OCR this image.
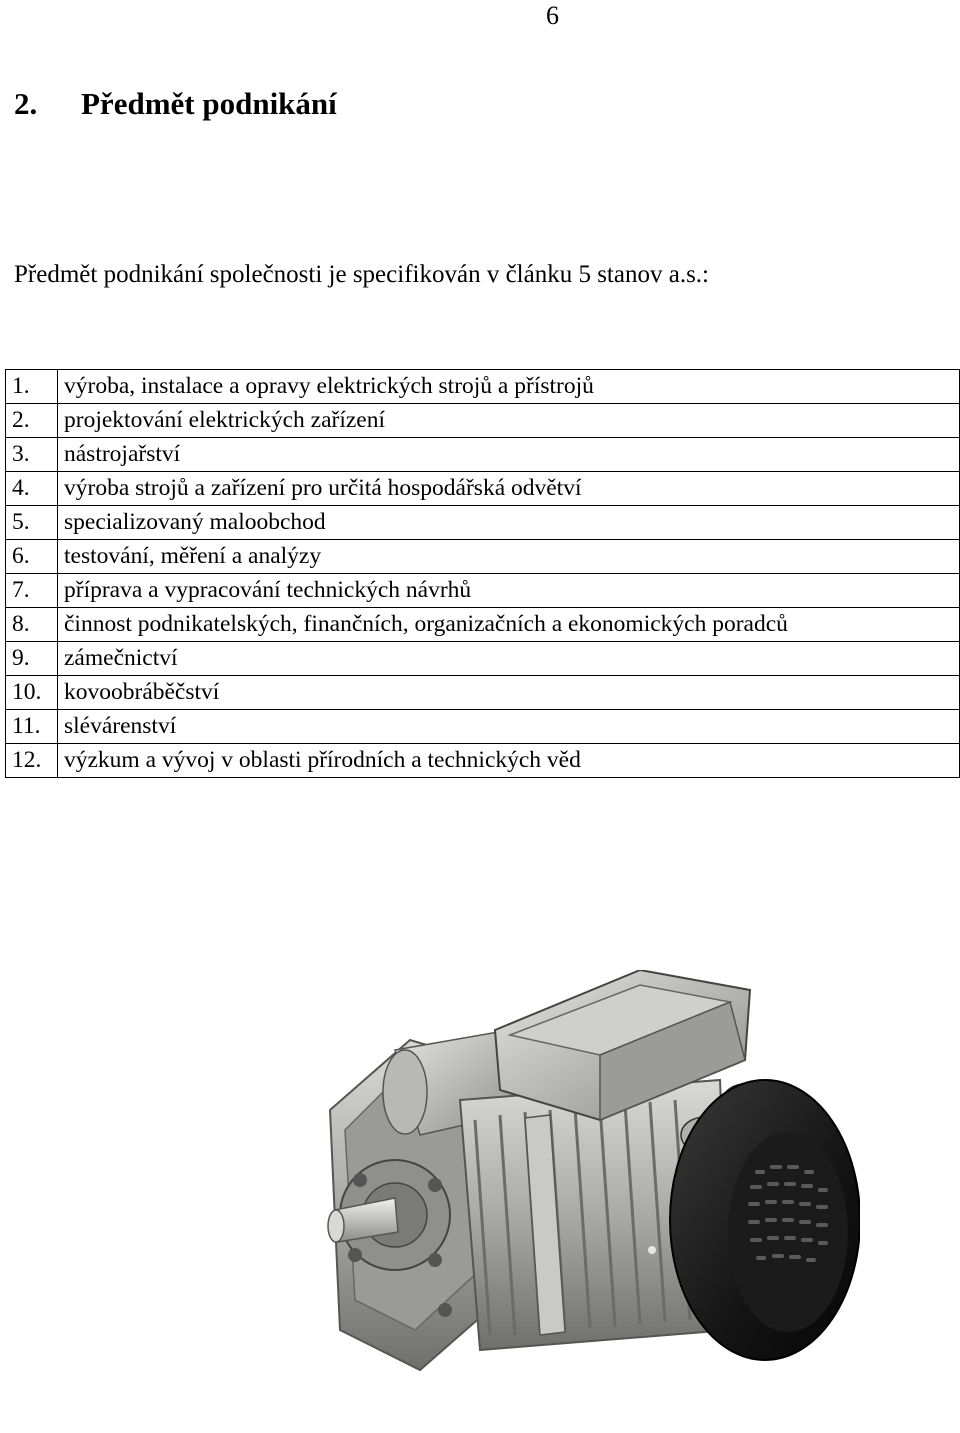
6
2. Předmět podnikání
Předmět podnikání společnosti je specifikován v článku 5 stanov a.s.:
1.	výroba, instalace a opravy elektrických strojů a přístrojů
2.	projektování elektrických zařízení
3.	nástrojařství
4.	výroba strojů a zařízení pro určitá hospodářská odvětví
5.	specializovaný maloobchod
6.	testování, měření a analýzy
7.	příprava a vypracování technických návrhů
8.	činnost podnikatelských, finančních, organizačních a ekonomických poradců
9.	zámečnictví
10.	kovoobráběčství
11.	slévárenství
12.	výzkum a vývoj v oblasti přírodních a technických věd
